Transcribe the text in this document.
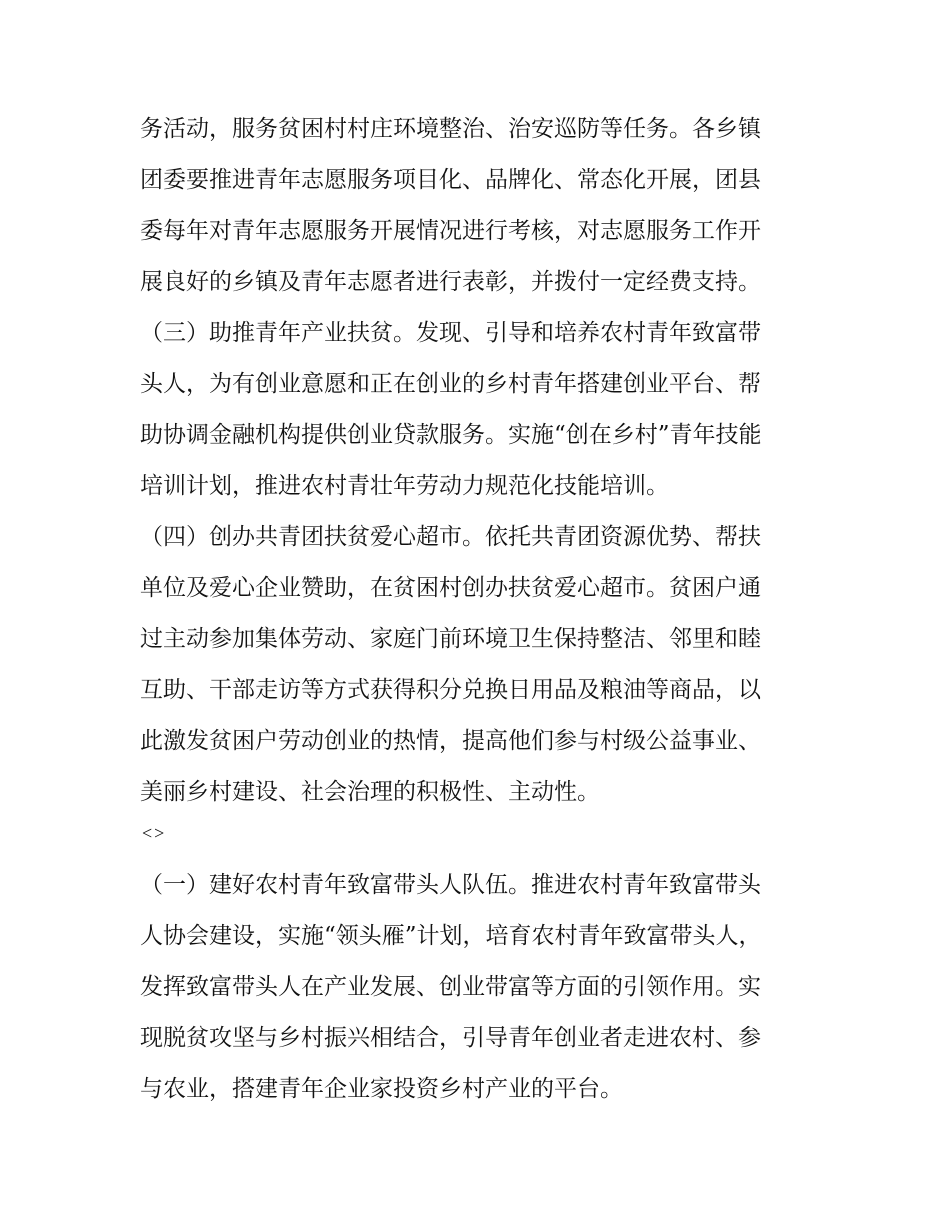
务活动，服务贫困村村庄环境整治、治安巡防等任务。各乡镇
团委要推进青年志愿服务项目化、品牌化、常态化开展，团县
委每年对青年志愿服务开展情况进行考核，对志愿服务工作开
展良好的乡镇及青年志愿者进行表彰，并拨付一定经费支持。
（三）助推青年产业扶贫。发现、引导和培养农村青年致富带
头人，为有创业意愿和正在创业的乡村青年搭建创业平台、帮
助协调金融机构提供创业贷款服务。实施“创在乡村”青年技能
培训计划，推进农村青壮年劳动力规范化技能培训。
（四）创办共青团扶贫爱心超市。依托共青团资源优势、帮扶
单位及爱心企业赞助，在贫困村创办扶贫爱心超市。贫困户通
过主动参加集体劳动、家庭门前环境卫生保持整洁、邻里和睦
互助、干部走访等方式获得积分兑换日用品及粮油等商品，以
此激发贫困户劳动创业的热情，提高他们参与村级公益事业、
美丽乡村建设、社会治理的积极性、主动性。
<>
（一）建好农村青年致富带头人队伍。推进农村青年致富带头
人协会建设，实施“领头雁”计划，培育农村青年致富带头人，
发挥致富带头人在产业发展、创业带富等方面的引领作用。实
现脱贫攻坚与乡村振兴相结合，引导青年创业者走进农村、参
与农业，搭建青年企业家投资乡村产业的平台。
